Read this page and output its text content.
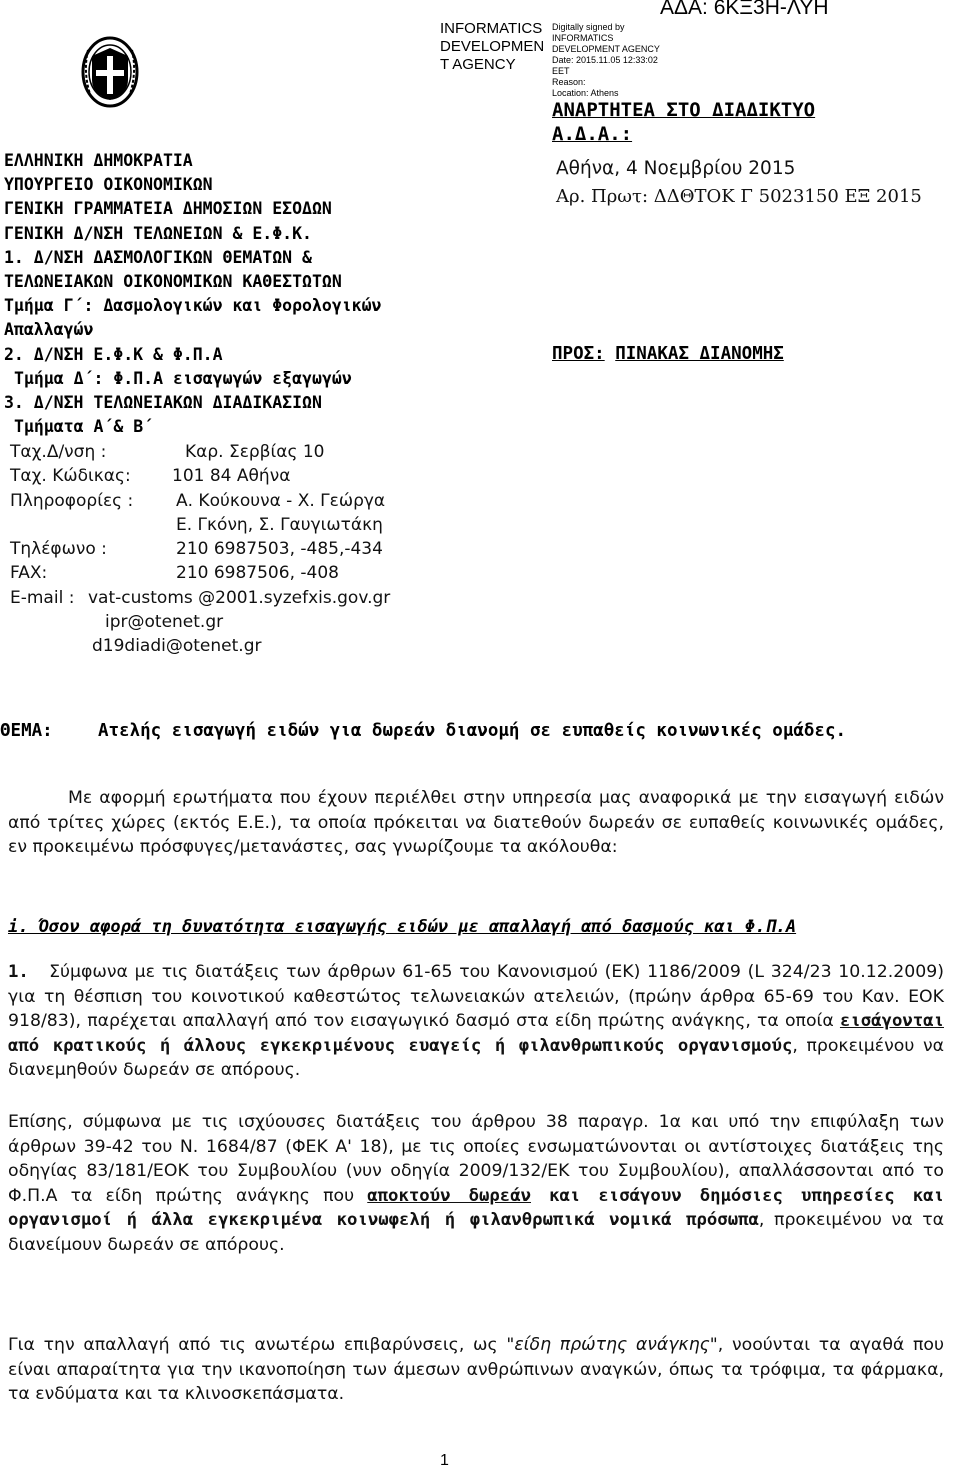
INFORMATICS DEVELOPMEN T AGENCY
Digitally signed by
INFORMATICS
DEVELOPMENT AGENCY
Date: 2015.11.05 12:33:02
EET
Reason:
Location: Athens
ΑΔΑ: 6ΚΞ3Η-ΛΥΗ
ΕΛΛΗΝΙΚΗ ΔΗΜΟΚΡΑΤΙΑ
ΥΠΟΥΡΓΕΙΟ ΟΙΚΟΝΟΜΙΚΩΝ
ΓΕΝΙΚΗ ΓΡΑΜΜΑΤΕΙΑ ΔΗΜΟΣΙΩΝ ΕΣΟΔΩΝ
ΓΕΝΙΚΗ Δ/ΝΣΗ ΤΕΛΩΝΕΙΩΝ & Ε.Φ.Κ.
1. Δ/ΝΣΗ ΔΑΣΜΟΛΟΓΙΚΩΝ ΘΕΜΑΤΩΝ &
ΤΕΛΩΝΕΙΑΚΩΝ ΟΙΚΟΝΟΜΙΚΩΝ ΚΑΘΕΣΤΩΤΩΝ
Τμήμα Γ΄: Δασμολογικών και Φορολογικών
Απαλλαγών
2. Δ/ΝΣΗ Ε.Φ.Κ & Φ.Π.Α
Τμήμα Δ΄: Φ.Π.Α εισαγωγών εξαγωγών
3. Δ/ΝΣΗ ΤΕΛΩΝΕΙΑΚΩΝ ΔΙΑΔΙΚΑΣΙΩΝ
Τμήματα Α΄& Β΄
Ταχ.Δ/νση :	Καρ. Σερβίας 10
Ταχ. Κώδικας: 101 84 Αθήνα
Πληροφορίες :	Α. Κούκουνα - Χ. Γεώργα
Ε. Γκόνη, Σ. Γαυγιωτάκη
Τηλέφωνο :	210 6987503, -485,-434
FAX:	210 6987506, -408
E-mail : vat-customs @2001.syzefxis.gov.gr
ipr@otenet.gr
d19diadi@otenet.gr
ΑΝΑΡΤΗΤΕΑ ΣΤΟ ΔΙΑΔΙΚΤΥΟ
Α.Δ.Α.:
Αθήνα, 4 Νοεμβρίου 2015
Αρ. Πρωτ: ΔΔΘΤΟΚ Γ 5023150 ΕΞ 2015
ΠΡΟΣ: ΠΙΝΑΚΑΣ ΔΙΑΝΟΜΗΣ
ΘΕΜΑ:	Ατελής εισαγωγή ειδών για δωρεάν διανομή σε ευπαθείς κοινωνικές ομάδες.

Με αφορμή ερωτήματα που έχουν περιέλθει στην υπηρεσία μας αναφορικά με την εισαγωγή ειδών από τρίτες χώρες (εκτός Ε.Ε.), τα οποία πρόκειται να διατεθούν δωρεάν σε ευπαθείς κοινωνικές ομάδες, εν προκειμένω πρόσφυγες/μετανάστες, σας γνωρίζουμε τα ακόλουθα:

i. Όσον αφορά τη δυνατότητα εισαγωγής ειδών με απαλλαγή από δασμούς και Φ.Π.Α

1. Σύμφωνα με τις διατάξεις των άρθρων 61-65 του Κανονισμού (ΕΚ) 1186/2009 (L 324/23 10.12.2009) για τη θέσπιση του κοινοτικού καθεστώτος τελωνειακών ατελειών, (πρώην άρθρα 65-69 του Καν. ΕΟΚ 918/83), παρέχεται απαλλαγή από τον εισαγωγικό δασμό στα είδη πρώτης ανάγκης, τα οποία εισάγονται από κρατικούς ή άλλους εγκεκριμένους ευαγείς ή φιλανθρωπικούς οργανισμούς, προκειμένου να διανεμηθούν δωρεάν σε απόρους.

Επίσης, σύμφωνα με τις ισχύουσες διατάξεις του άρθρου 38 παραγρ. 1α και υπό την επιφύλαξη των άρθρων 39-42 του Ν. 1684/87 (ΦΕΚ Α' 18), με τις οποίες ενσωματώνονται οι αντίστοιχες διατάξεις της οδηγίας 83/181/ΕΟΚ του Συμβουλίου (νυν οδηγία 2009/132/ΕΚ του Συμβουλίου), απαλλάσσονται από το Φ.Π.Α τα είδη πρώτης ανάγκης που αποκτούν δωρεάν και εισάγουν δημόσιες υπηρεσίες και οργανισμοί ή άλλα εγκεκριμένα κοινωφελή ή φιλανθρωπικά νομικά πρόσωπα, προκειμένου να τα διανείμουν δωρεάν σε απόρους.

Για την απαλλαγή από τις ανωτέρω επιβαρύνσεις, ως "είδη πρώτης ανάγκης", νοούνται τα αγαθά που είναι απαραίτητα για την ικανοποίηση των άμεσων ανθρώπινων αναγκών, όπως τα τρόφιμα, τα φάρμακα, τα ενδύματα και τα κλινοσκεπάσματα.

1
